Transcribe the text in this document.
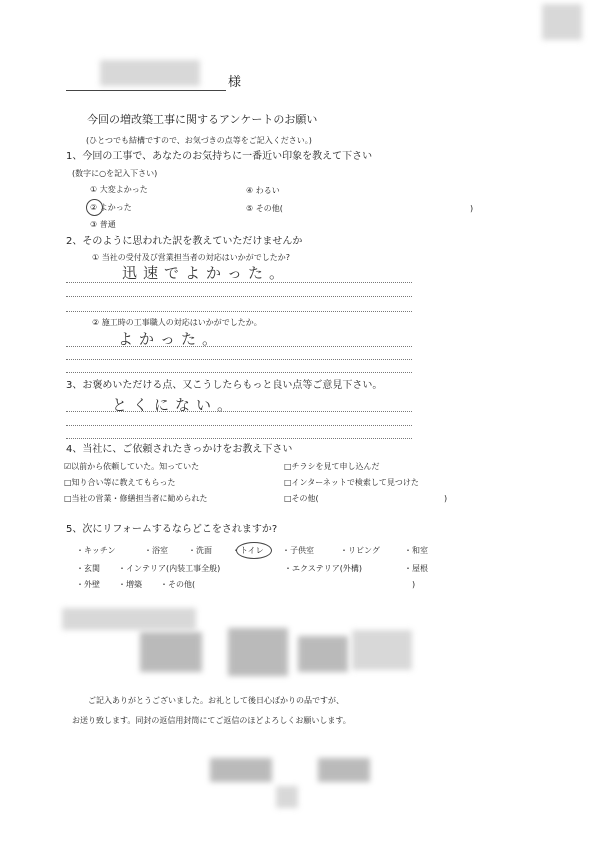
様
今回の増改築工事に関するアンケートのお願い
(ひとつでも結構ですので、お気づきの点等をご記入ください。)
1、今回の工事で、あなたのお気持ちに一番近い印象を教えて下さい
(数字に○を記入下さい)
① 大変よかった
② よかった
③ 普通
④ わるい
⑤ その他(	)
2、そのように思われた訳を教えていただけませんか
① 当社の受付及び営業担当者の対応はいかがでしたか?
迅速でよかった。
② 施工時の工事職人の対応はいかがでしたか。
よかった。
3、お褒めいただける点、又こうしたらもっと良い点等ご意見下さい。
とくにない。
4、当社に、ご依頼されたきっかけをお教え下さい
☑以前から依頼していた。知っていた	□チラシを見て申し込んだ
□知り合い等に教えてもらった	□インターネットで検索して見つけた
□当社の営業・修繕担当者に勧められた	□その他(	)
5、次にリフォームするならどこをされますか?
・キッチン	・浴室	・洗面	・トイレ ・子供室	・リビング	・和室
・玄関 ・インテリア(内装工事全般)	・エクステリア(外構)	・屋根
・外壁 ・増築 ・その他(	)
ご記入ありがとうございました。お礼として後日心ばかりの品ですが、
お送り致します。同封の返信用封筒にてご返信のほどよろしくお願いします。
